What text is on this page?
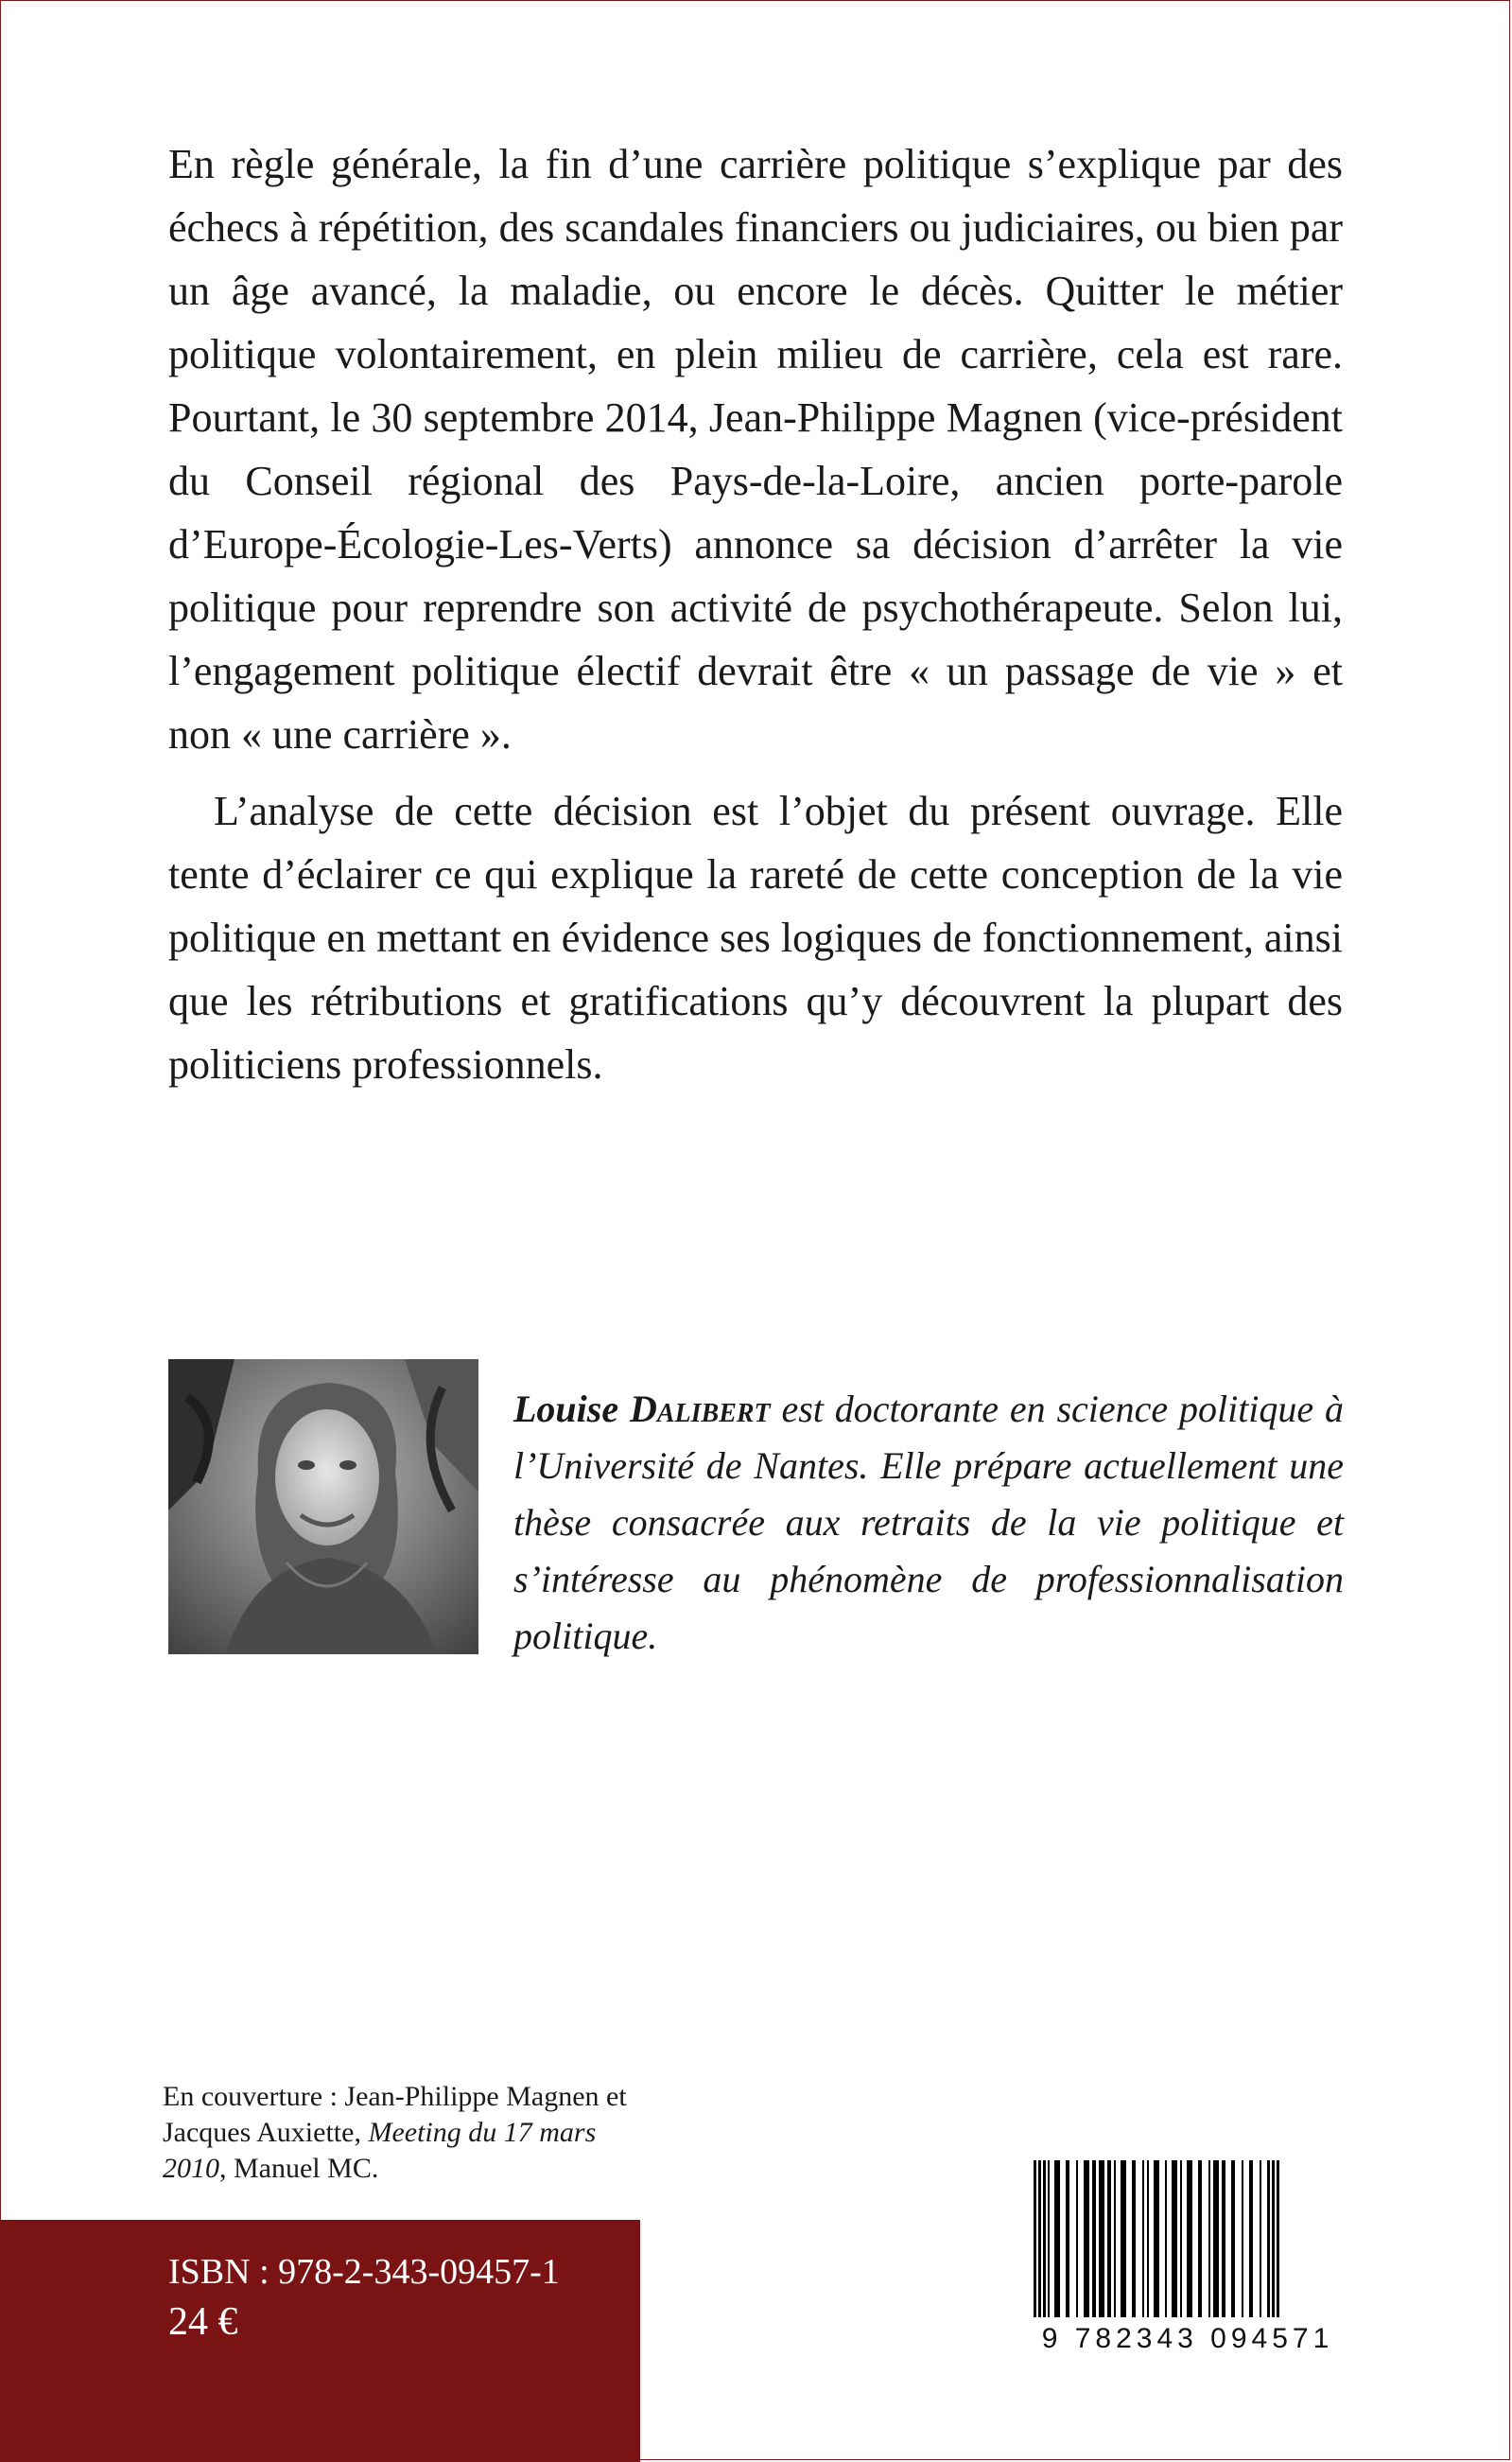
En règle générale, la fin d’une carrière politique s’explique par des échecs à répétition, des scandales financiers ou judiciaires, ou bien par un âge avancé, la maladie, ou encore le décès. Quitter le métier politique volontairement, en plein milieu de carrière, cela est rare. Pourtant, le 30 septembre 2014, Jean-Philippe Magnen (vice-président du Conseil régional des Pays-de-la-Loire, ancien porte-parole d’Europe-Écologie-Les-Verts) annonce sa décision d’arrêter la vie politique pour reprendre son activité de psychothérapeute. Selon lui, l’engagement politique électif devrait être « un passage de vie » et non « une carrière ».

L’analyse de cette décision est l’objet du présent ouvrage. Elle tente d’éclairer ce qui explique la rareté de cette conception de la vie politique en mettant en évidence ses logiques de fonctionnement, ainsi que les rétributions et gratifications qu’y découvrent la plupart des politiciens professionnels.

Louise Dalibert est doctorante en science politique à l’Université de Nantes. Elle prépare actuellement une thèse consacrée aux retraits de la vie politique et s’intéresse au phénomène de professionnalisation politique.
En couverture : Jean-Philippe Magnen et Jacques Auxiette, Meeting du 17 mars 2010, Manuel MC.
ISBN : 978-2-343-09457-1
24 €	9 782343 094571
